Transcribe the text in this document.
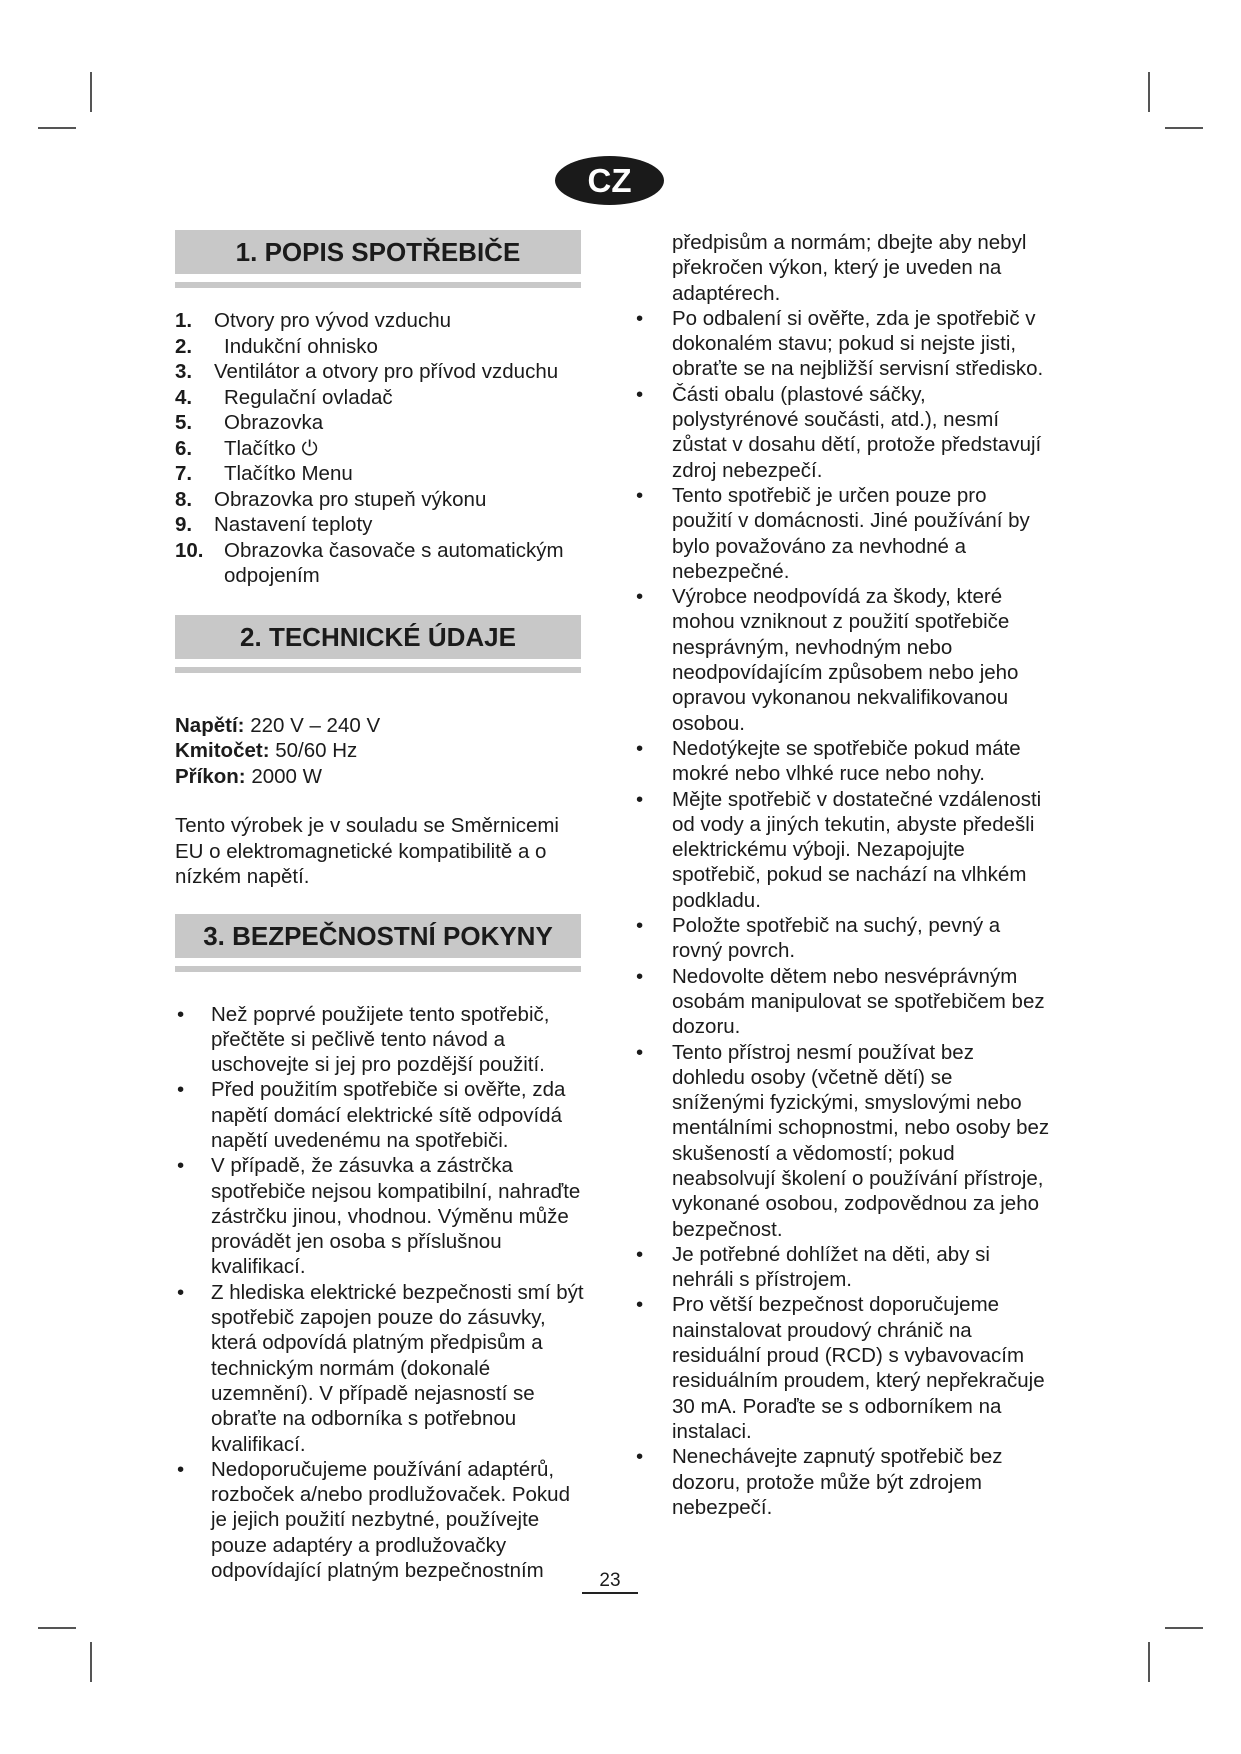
CZ
1. POPIS SPOTŘEBIČE
1.	Otvory pro vývod vzduchu
2.	Indukční ohnisko
3.	Ventilátor a otvory pro přívod vzduchu
4.	Regulační ovladač
5.	Obrazovka
6.	Tlačítko ⏻
7.	Tlačítko Menu
8.	Obrazovka pro stupeň výkonu
9.	Nastavení teploty
10.	Obrazovka časovače s automatickým odpojením
2. TECHNICKÉ ÚDAJE
Napětí: 220 V – 240 V
Kmitočet: 50/60 Hz
Příkon: 2000 W
Tento výrobek je v souladu se Směrnicemi EU o elektromagnetické kompatibilitě a o nízkém napětí.
3. BEZPEČNOSTNÍ POKYNY
• Než poprvé použijete tento spotřebič, přečtěte si pečlivě tento návod a uschovejte si jej pro pozdější použití.
• Před použitím spotřebiče si ověřte, zda napětí domácí elektrické sítě odpovídá napětí uvedenému na spotřebiči.
• V případě, že zásuvka a zástrčka spotřebiče nejsou kompatibilní, nahraďte zástrčku jinou, vhodnou. Výměnu může provádět jen osoba s příslušnou kvalifikací.
• Z hlediska elektrické bezpečnosti smí být spotřebič zapojen pouze do zásuvky, která odpovídá platným předpisům a technickým normám (dokonalé uzemnění). V případě nejasností se obraťte na odborníka s potřebnou kvalifikací.
• Nedoporučujeme používání adaptérů, rozboček a/nebo prodlužovaček. Pokud je jejich použití nezbytné, používejte pouze adaptéry a prodlužovačky odpovídající platným bezpečnostním
předpisům a normám; dbejte aby nebyl překročen výkon, který je uveden na adaptérech.
• Po odbalení si ověřte, zda je spotřebič v dokonalém stavu; pokud si nejste jisti, obraťte se na nejbližší servisní středisko.
• Části obalu (plastové sáčky, polystyrénové součásti, atd.), nesmí zůstat v dosahu dětí, protože představují zdroj nebezpečí.
• Tento spotřebič je určen pouze pro použití v domácnosti. Jiné používání by bylo považováno za nevhodné a nebezpečné.
• Výrobce neodpovídá za škody, které mohou vzniknout z použití spotřebiče nesprávným, nevhodným nebo neodpovídajícím způsobem nebo jeho opravou vykonanou nekvalifikovanou osobou.
• Nedotýkejte se spotřebiče pokud máte mokré nebo vlhké ruce nebo nohy.
• Mějte spotřebič v dostatečné vzdálenosti od vody a jiných tekutin, abyste předešli elektrickému výboji. Nezapojujte spotřebič, pokud se nachází na vlhkém podkladu.
• Položte spotřebič na suchý, pevný a rovný povrch.
• Nedovolte dětem nebo nesvéprávným osobám manipulovat se spotřebičem bez dozoru.
• Tento přístroj nesmí používat bez dohledu osoby (včetně dětí) se sníženými fyzickými, smyslovými nebo mentálními schopnostmi, nebo osoby bez skušeností a vědomostí; pokud neabsolvují školení o používání přístroje, vykonané osobou, zodpovědnou za jeho bezpečnost.
• Je potřebné dohlížet na děti, aby si nehráli s přístrojem.
• Pro větší bezpečnost doporučujeme nainstalovat proudový chránič na residuální proud (RCD) s vybavovacím residuálním proudem, který nepřekračuje 30 mA. Poraďte se s odborníkem na instalaci.
• Nenechávejte zapnutý spotřebič bez dozoru, protože může být zdrojem nebezpečí.
23
